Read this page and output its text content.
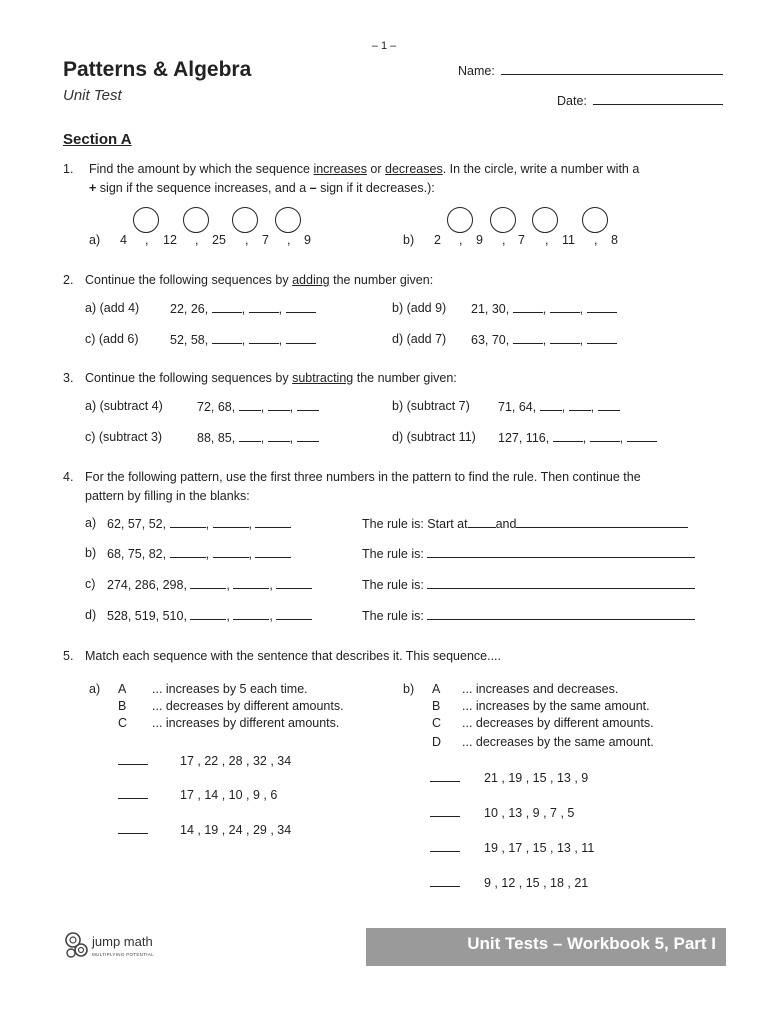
– 1 –
Patterns & Algebra
Unit Test
Name:
Date:
Section A
1. Find the amount by which the sequence increases or decreases. In the circle, write a number with a
+ sign if the sequence increases, and a – sign if it decreases.):
a)	b)
4	12	25	7	9
,	,	,	,	2	9	7	11	8
,	,	,	,
2. Continue the following sequences by adding the number given:
a) (add 4) 22, 26, , ,	b) (add 9) 21, 30, , ,
c) (add 6)	52, 58, , ,	d) (add 7) 63, 70, , ,
3. Continue the following sequences by subtracting the number given:
a) (subtract 4)	72, 68, , ,	b) (subtract 7) 71, 64, , ,
c) (subtract 3)	88, 85, , ,	d) (subtract 11) 127, 116, , ,
4. For the following pattern, use the first three numbers in the pattern to find the rule. Then continue the
pattern by filling in the blanks:
a) 62, 57, 52,	,	,	The rule is: Start at and
b) 68, 75, 82,	,	,	The rule is:
c) 274, 286, 298,	,	,	The rule is:
d) 528, 519, 510,	,	,	The rule is:
5. Match each sequence with the sentence that describes it. This sequence....
a) A ... increases by 5 each time.
B ... decreases by different amounts.
C ... increases by different amounts.
17 , 22 , 28 , 32 , 34
17 , 14 , 10 , 9 , 6
14 , 19 , 24 , 29 , 34
b) A ... increases and decreases.
B ... increases by the same amount.
C ... decreases by different amounts.
D ... decreases by the same amount.
21 , 19 , 15 , 13 , 9
10 , 13 , 9 , 7 , 5
19 , 17 , 15 , 13 , 11
9 , 12 , 15 , 18 , 21
jump math
MULTIPLYING POTENTIAL
Unit Tests – Workbook 5, Part I
